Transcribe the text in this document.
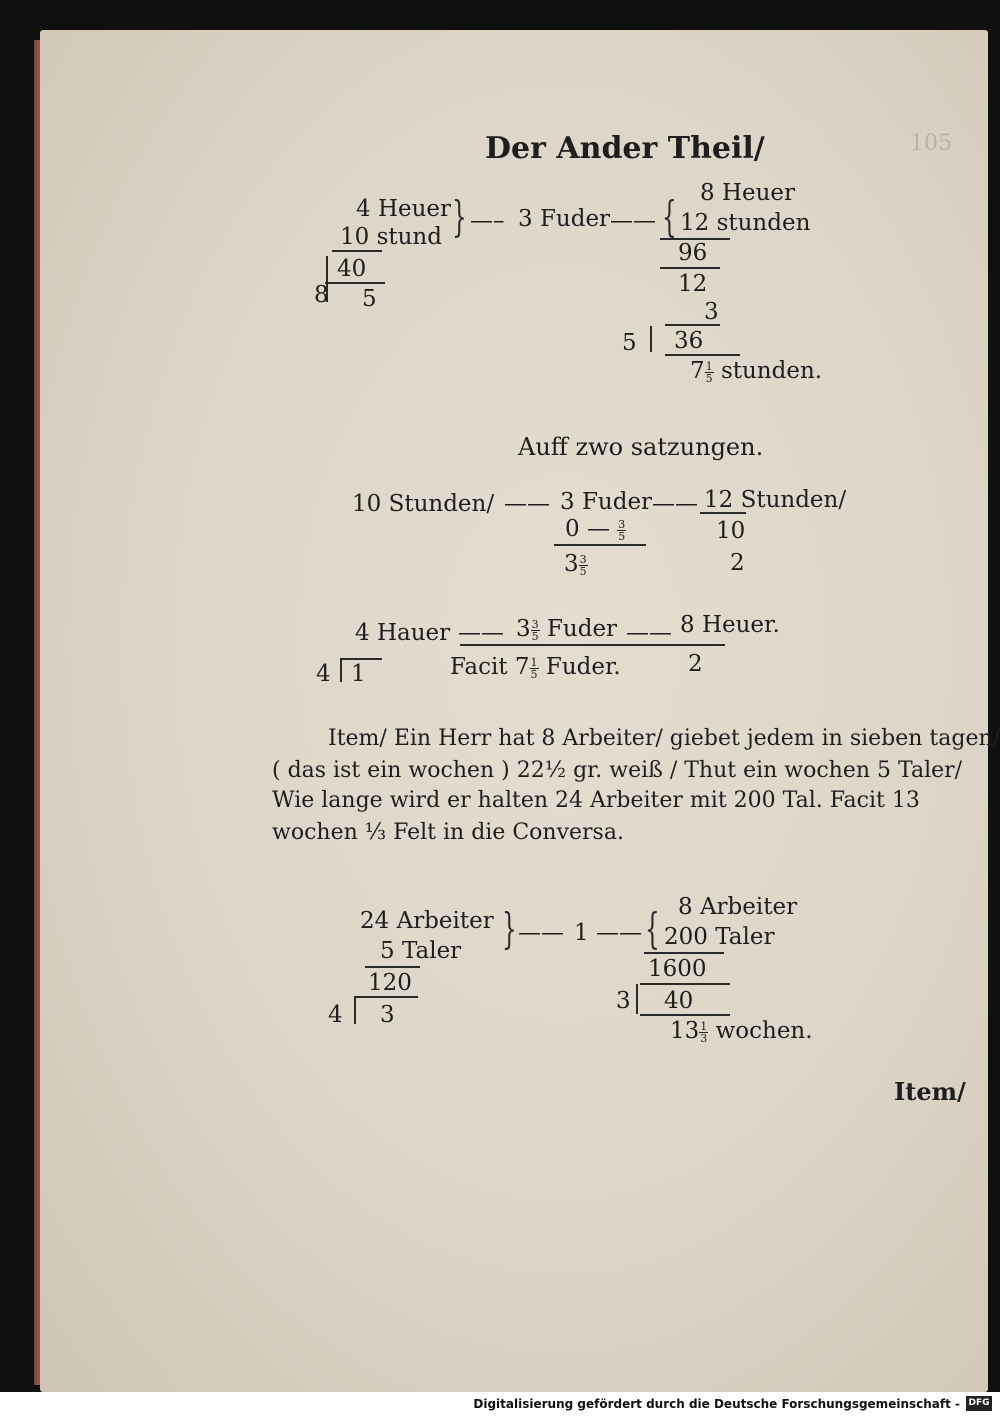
105
Der Ander Theil/
4 Heuer
10 stund } —– 3 Fuder —— { 8 Heuer
12 stunden
40
8 5
96
12
3
5 36
$7 \frac{1}{5}$ stunden.
Auff zwo satzungen.
10 Stunden/ —— 3 Fuder —— 12 Stunden/
0 — $\frac{3}{5}$	10
$3 \frac{3}{5}$	2
4 Hauer —— $3 \frac{3}{5}$ Fuder —— 8 Heuer.
4 1	Facit $7 \frac{1}{5}$ Fuder.	2
Item/ Ein Herr hat 8 Arbeiter/ giebet jedem in sieben tagen/
( das ist ein wochen ) 22½ gr. weiß / Thut ein wochen 5 Taler/
Wie lange wird er halten 24 Arbeiter mit 200 Tal. Facit 13
wochen ⅓ Felt in die Conversa.
24 Arbeiter
5 Taler } —— 1 —— { 8 Arbeiter
200 Taler
120
4 3
1600
3 40
$13 \frac{1}{3}$ wochen.
Item/
Digitalisierung gefördert durch die Deutsche Forschungsgemeinschaft - DFG
